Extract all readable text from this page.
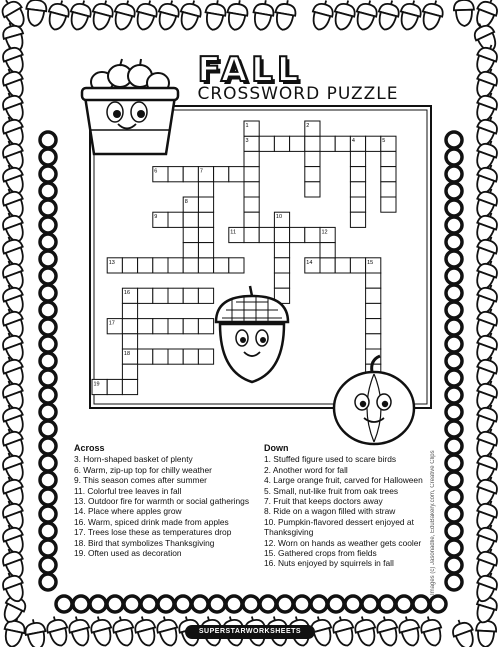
FALL
CROSSWORD PUZZLE
1	2
3	4	5
6	7
8
9	10
11	12
13	14	15
16
17
18
19
Across
3. Horn-shaped basket of plenty
6. Warm, zip-up top for chilly weather
9. This season comes after summer
11. Colorful tree leaves in fall
13. Outdoor fire for warmth or social gatherings
14. Place where apples grow
16. Warm, spiced drink made from apples
17. Trees lose these as temperatures drop
18. Bird that symbolizes Thanksgiving
19. Often used as decoration
Down
1. Stuffed figure used to scare birds
2. Another word for fall
4. Large orange fruit, carved for Halloween
5. Small, nut-like fruit from oak trees
7. Fruit that keeps doctors away
8. Ride on a wagon filled with straw
10. Pumpkin-flavored dessert enjoyed at Thanksgiving
12. Worn on hands as weather gets cooler
15. Gathered crops from fields
16. Nuts enjoyed by squirrels in fall	Images (c) Jasonadlie, EduBakery.com, Creative Clips
SUPERSTARWORKSHEETS
